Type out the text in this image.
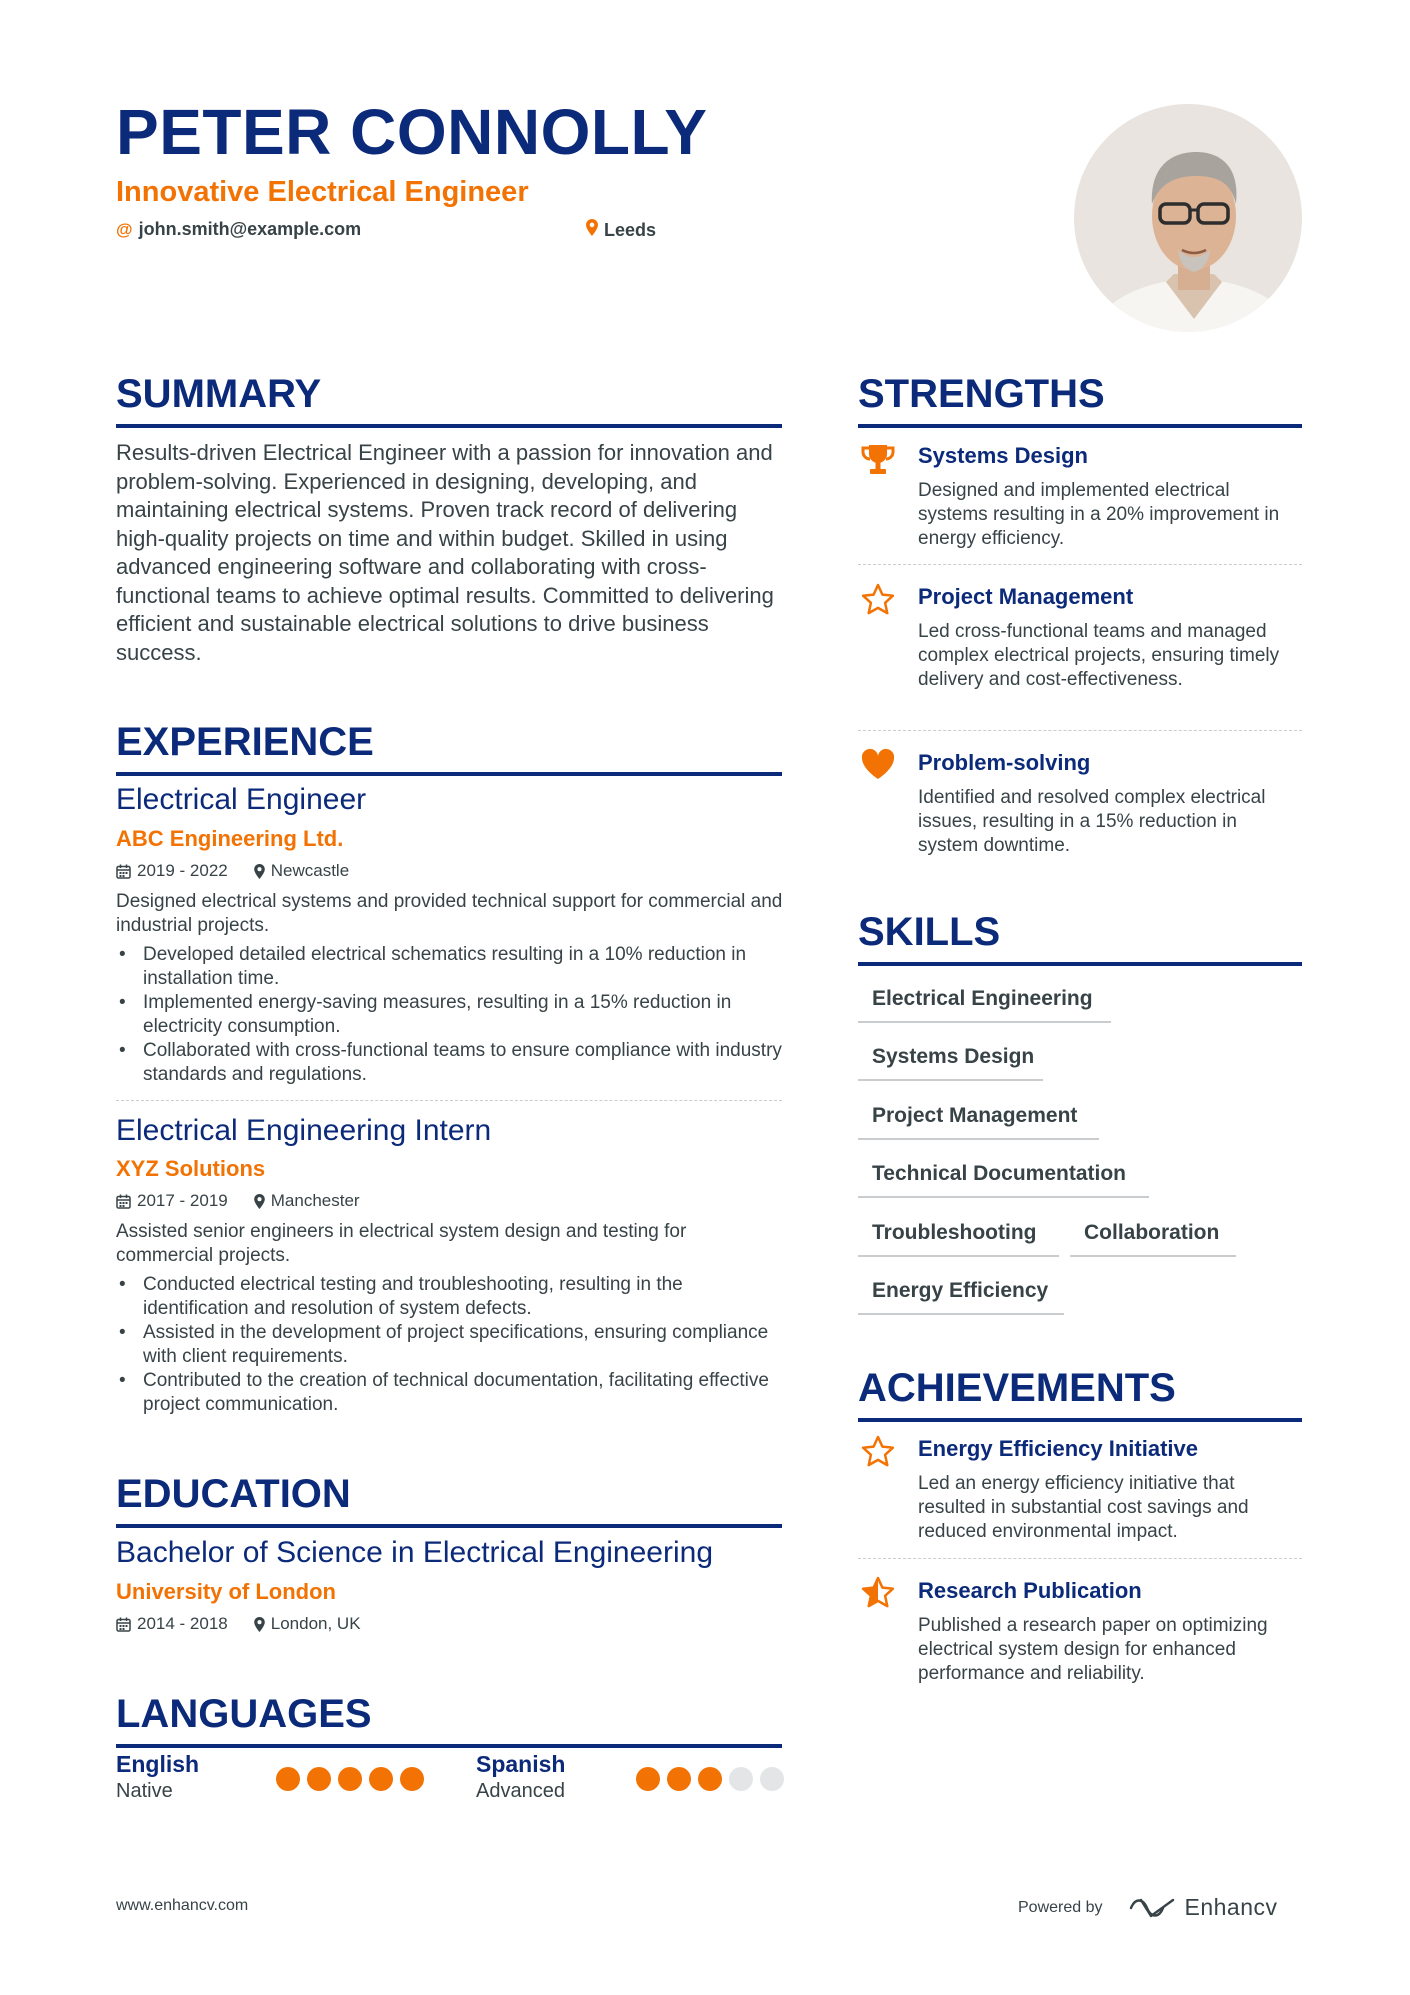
PETER CONNOLLY
Innovative Electrical Engineer
@ john.smith@example.com	Leeds
SUMMARY
Results-driven Electrical Engineer with a passion for innovation and problem-solving. Experienced in designing, developing, and maintaining electrical systems. Proven track record of delivering high-quality projects on time and within budget. Skilled in using advanced engineering software and collaborating with cross-functional teams to achieve optimal results. Committed to delivering efficient and sustainable electrical solutions to drive business success.
EXPERIENCE
Electrical Engineer
ABC Engineering Ltd.
2019 - 2022	Newcastle
Designed electrical systems and provided technical support for commercial and industrial projects.
• Developed detailed electrical schematics resulting in a 10% reduction in installation time.
• Implemented energy-saving measures, resulting in a 15% reduction in electricity consumption.
• Collaborated with cross-functional teams to ensure compliance with industry standards and regulations.
Electrical Engineering Intern
XYZ Solutions
2017 - 2019	Manchester
Assisted senior engineers in electrical system design and testing for commercial projects.
• Conducted electrical testing and troubleshooting, resulting in the identification and resolution of system defects.
• Assisted in the development of project specifications, ensuring compliance with client requirements.
• Contributed to the creation of technical documentation, facilitating effective project communication.
EDUCATION
Bachelor of Science in Electrical Engineering
University of London
2014 - 2018	London, UK
LANGUAGES
English
Native
Spanish
Advanced
STRENGTHS
Systems Design
Designed and implemented electrical systems resulting in a 20% improvement in energy efficiency.
Project Management
Led cross-functional teams and managed complex electrical projects, ensuring timely delivery and cost-effectiveness.
Problem-solving
Identified and resolved complex electrical issues, resulting in a 15% reduction in system downtime.
SKILLS
Electrical Engineering
Systems Design
Project Management
Technical Documentation
Troubleshooting	Collaboration
Energy Efficiency
ACHIEVEMENTS
Energy Efficiency Initiative
Led an energy efficiency initiative that resulted in substantial cost savings and reduced environmental impact.
Research Publication
Published a research paper on optimizing electrical system design for enhanced performance and reliability.
www.enhancv.com	Powered by	Enhancv
